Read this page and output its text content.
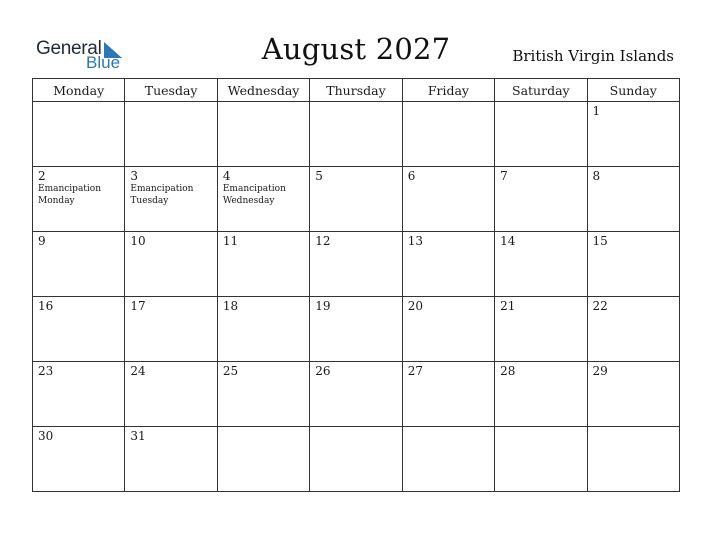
General
Blue	August 2027	British Virgin Islands
Monday	Tuesday	Wednesday	Thursday	Friday	Saturday	Sunday

						1

2
Emancipation
Monday	3
Emancipation
Tuesday	4
Emancipation
Wednesday	5	6	7	8

9	10	11	12	13	14	15

16	17	18	19	20	21	22

23	24	25	26	27	28	29

30	31					
